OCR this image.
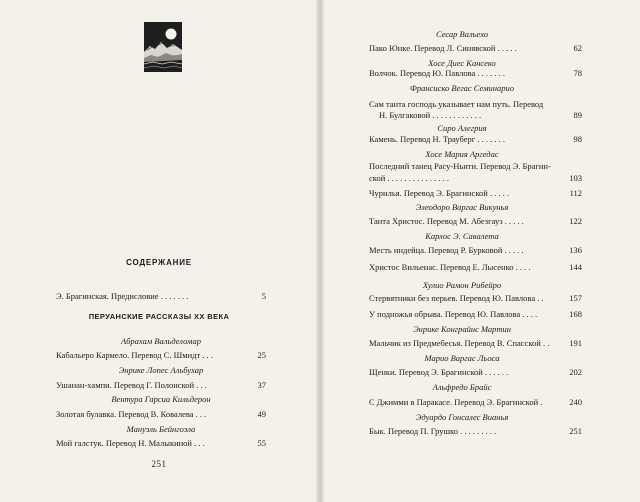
СОДЕРЖАНИЕ
Э. Брагинская. Предисловие . . . . . . .	5
ПЕРУАНСКИЕ РАССКАЗЫ XX ВЕКА
Абрахам Вальделомар
Кабальеро Кармело. Перевод С. Шмидт . . .	25
Энрике Лопес Альбухар
Ушанан-хампи. Перевод Г. Полонской . . .	37
Вентура Гарсиа Кильдерон
Золотая булавка. Перевод В. Ковалева . . .	49
Мануэль Бейнгоэла
Мой галстук. Перевод Н. Малыкиной . . .	55
251
Сесар Вальехо
Пако Юнке. Перевод Л. Синявской . . . . .	62
Хосе Диес Кансеко
Волчок. Перевод Ю. Павлова . . . . . . .	78
Франсиско Вегас Семинарио
Сам танта господь указывает нам путь. Перевод
Н. Булгаковой . . . . . . . . . . . .	89
Сиро Алегрия
Камень. Перевод Н. Трауберг . . . . . . .	98
Хосе Мария Аргедас
Последний танец Расу-Ньити. Перевод Э. Брагин-
ской . . . . . . . . . . . . . . .	103
Чурилья. Перевод Э. Брагинской . . . . .	112
Элеодоро Варгас Викунья
Танта Христос. Перевод М. Абезгауз . . . . .	122
Карлос Э. Савалета
Месть индейца. Перевод Р. Бурковой . . . . .	136
Христос Вильенас. Перевод Е. Лысенко . . . .	144
Хулио Рамон Рибейро
Стервятники без перьев. Перевод Ю. Павлова . .	157
У подножья обрыва. Перевод Ю. Павлова . . . .	168
Энрике Конграйнс Мартин
Мальчик из Предмебесья. Перевод В. Спасской . .	191
Марио Варгас Льоса
Щенки. Перевод Э. Брагинской . . . . . .	202
Альфредо Брайс
С Джимми в Паракасе. Перевод Э. Брагинской .	240
Эдуардо Гонсалес Вианья
Бык. Перевод П. Грушко . . . . . . . . .	251
